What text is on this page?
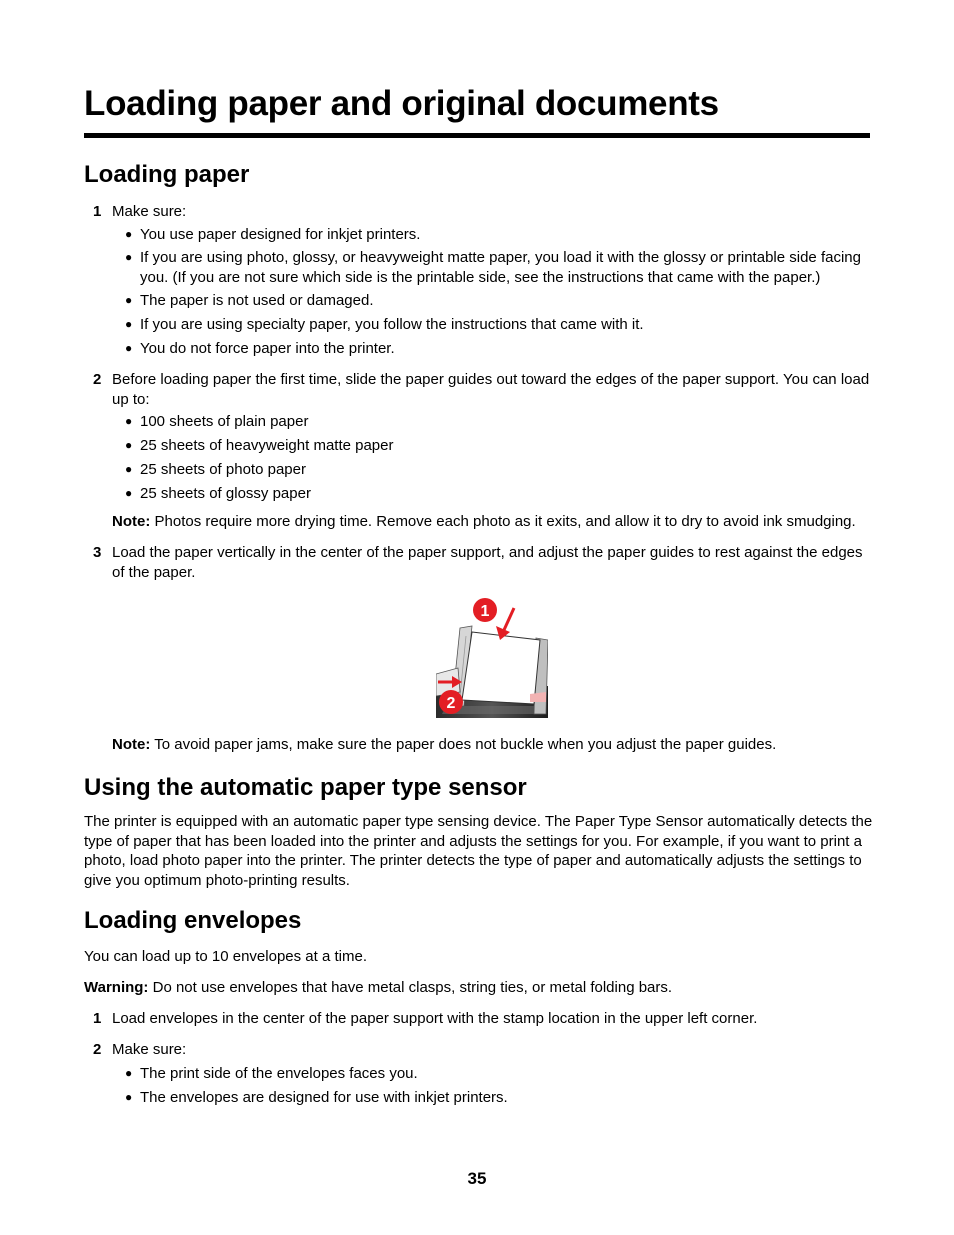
Loading paper and original documents
Loading paper
1 Make sure:

● You use paper designed for inkjet printers.

● If you are using photo, glossy, or heavyweight matte paper, you load it with the glossy or printable side facing you. (If you are not sure which side is the printable side, see the instructions that came with the paper.)

● The paper is not used or damaged.

● If you are using specialty paper, you follow the instructions that came with it.

● You do not force paper into the printer.

2 Before loading paper the first time, slide the paper guides out toward the edges of the paper support. You can load up to:

● 100 sheets of plain paper

● 25 sheets of heavyweight matte paper

● 25 sheets of photo paper

● 25 sheets of glossy paper

Note: Photos require more drying time. Remove each photo as it exits, and allow it to dry to avoid ink smudging.

3 Load the paper vertically in the center of the paper support, and adjust the paper guides to rest against the edges of the paper.

1
2

Note: To avoid paper jams, make sure the paper does not buckle when you adjust the paper guides.

Using the automatic paper type sensor

The printer is equipped with an automatic paper type sensing device. The Paper Type Sensor automatically detects the type of paper that has been loaded into the printer and adjusts the settings for you. For example, if you want to print a photo, load photo paper into the printer. The printer detects the type of paper and automatically adjusts the settings to give you optimum photo-printing results.

Loading envelopes

You can load up to 10 envelopes at a time.

Warning: Do not use envelopes that have metal clasps, string ties, or metal folding bars.

1 Load envelopes in the center of the paper support with the stamp location in the upper left corner.

2 Make sure:

● The print side of the envelopes faces you.

● The envelopes are designed for use with inkjet printers.

35
